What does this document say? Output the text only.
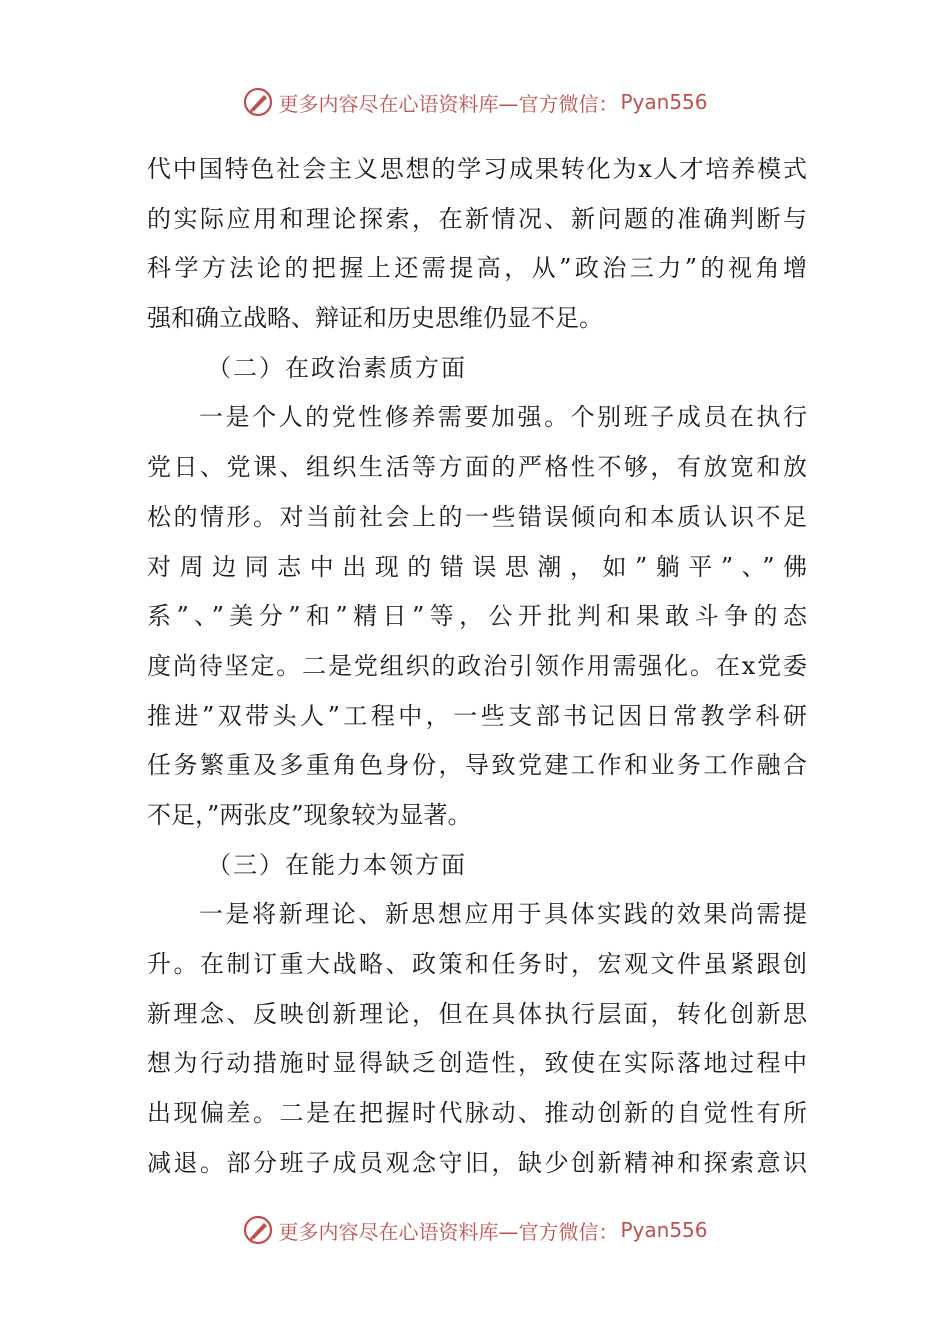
更多内容尽在心语资料库—官方微信： Pyan556
代中国特色社会主义思想的学习成果转化为x人才培养模式
的实际应用和理论探索，在新情况、新问题的准确判断与
科学方法论的把握上还需提高，从”政治三力”的视角增
强和确立战略、辩证和历史思维仍显不足。
（二）在政治素质方面
一是个人的党性修养需要加强。个别班子成员在执行
党日、党课、组织生活等方面的严格性不够，有放宽和放
松的情形。对当前社会上的一些错误倾向和本质认识不足
对周边同志中出现的错误思潮，如”躺平”、”佛
系”、”美分”和”精日”等，公开批判和果敢斗争的态
度尚待坚定。二是党组织的政治引领作用需强化。在x党委
推进”双带头人”工程中，一些支部书记因日常教学科研
任务繁重及多重角色身份，导致党建工作和业务工作融合
不足，”两张皮”现象较为显著。
（三）在能力本领方面
一是将新理论、新思想应用于具体实践的效果尚需提
升。在制订重大战略、政策和任务时，宏观文件虽紧跟创
新理念、反映创新理论，但在具体执行层面，转化创新思
想为行动措施时显得缺乏创造性，致使在实际落地过程中
出现偏差。二是在把握时代脉动、推动创新的自觉性有所
减退。部分班子成员观念守旧，缺少创新精神和探索意识
更多内容尽在心语资料库—官方微信： Pyan556
